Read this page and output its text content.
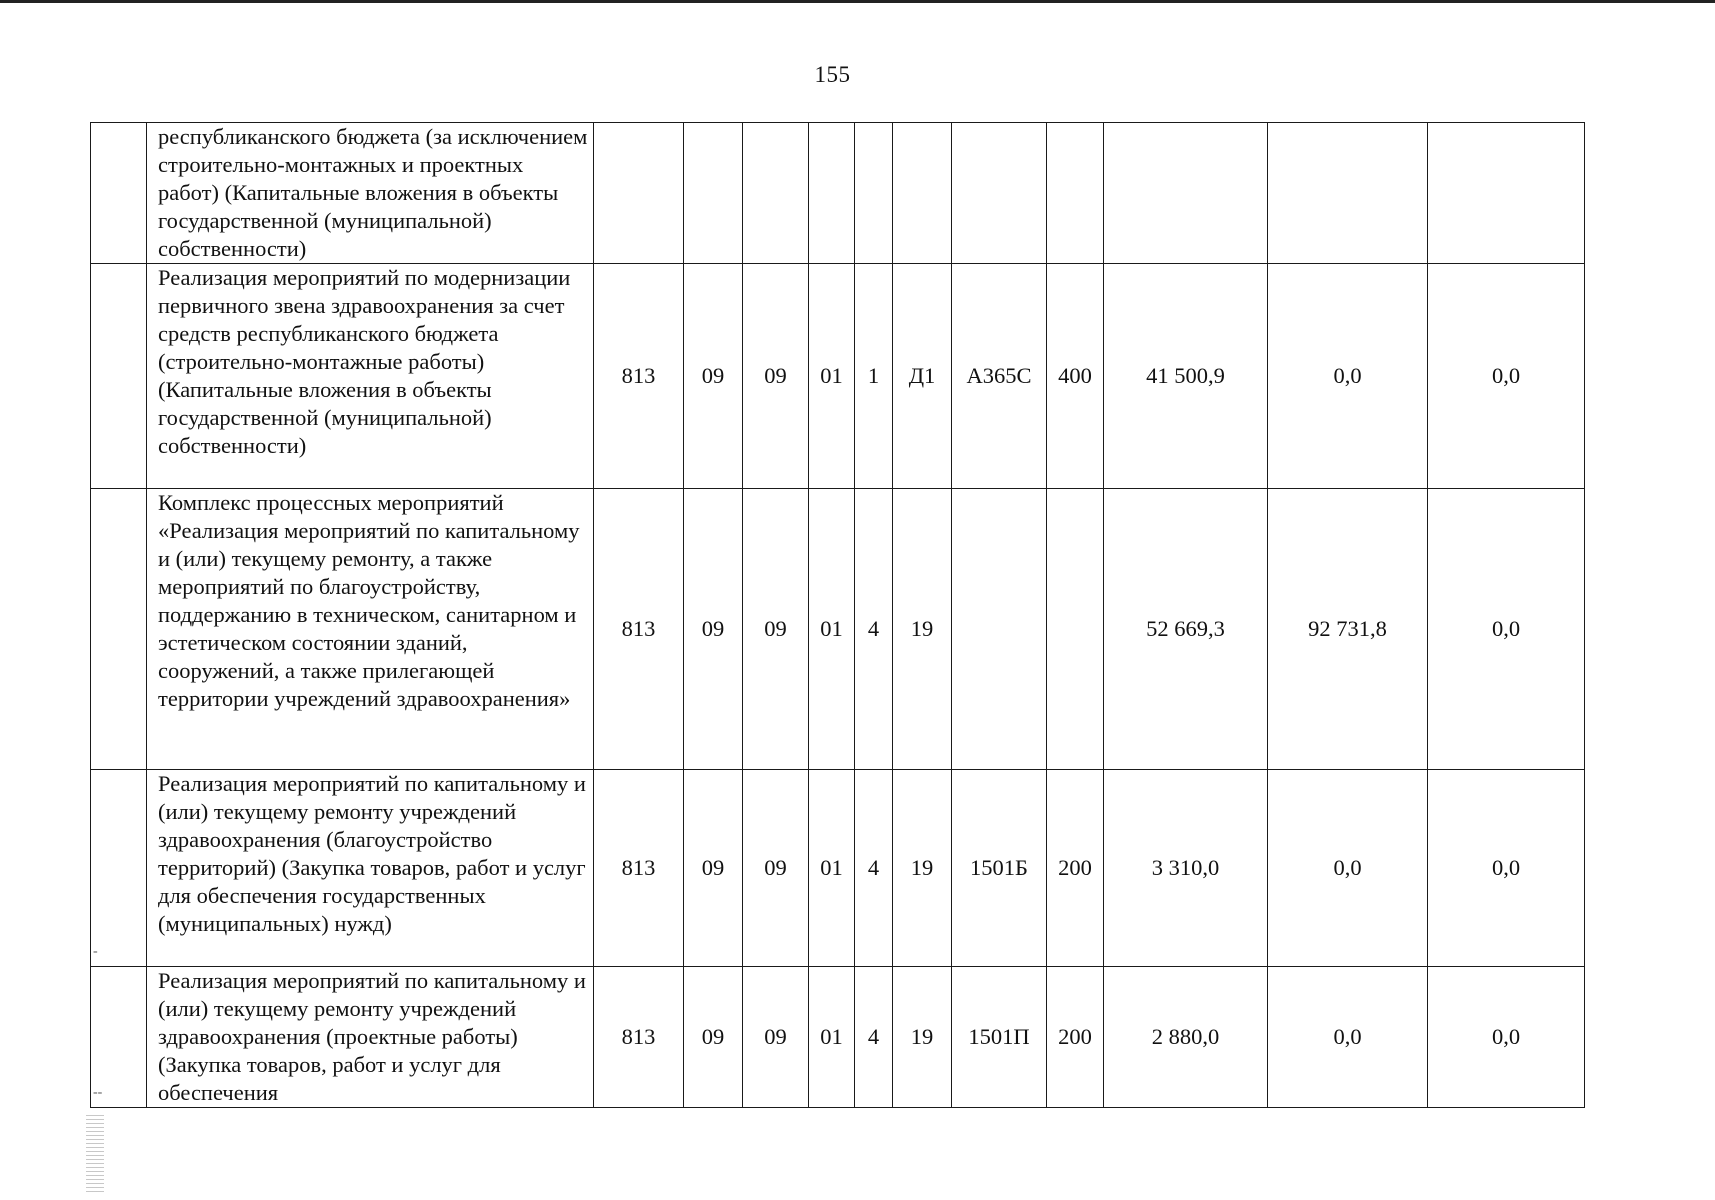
155
	республиканского бюджета (за исключением строительно-монтажных и проектных работ) (Капитальные вложения в объекты государственной (муниципальной) собственности)											
	Реализация мероприятий по модернизации первичного звена здравоохранения за счет средств республиканского бюджета (строительно-монтажные работы) (Капитальные вложения в объекты государственной (муниципальной) собственности)	813	09	09	01	1	Д1	А365С	400	41 500,9	0,0	0,0
	Комплекс процессных мероприятий «Реализация мероприятий по капитальному и (или) текущему ремонту, а также мероприятий по благоустройству, поддержанию в техническом, санитарном и эстетическом состоянии зданий, сооружений, а также прилегающей территории учреждений здравоохранения»	813	09	09	01	4	19			52 669,3	92 731,8	0,0
-	Реализация мероприятий по капитальному и (или) текущему ремонту учреждений здравоохранения (благоустройство территорий) (Закупка товаров, работ и услуг для обеспечения государственных (муниципальных) нужд)	813	09	09	01	4	19	1501Б	200	3 310,0	0,0	0,0
--	Реализация мероприятий по капитальному и (или) текущему ремонту учреждений здравоохранения (проектные работы) (Закупка товаров, работ и услуг для обеспечения	813	09	09	01	4	19	1501П	200	2 880,0	0,0	0,0
